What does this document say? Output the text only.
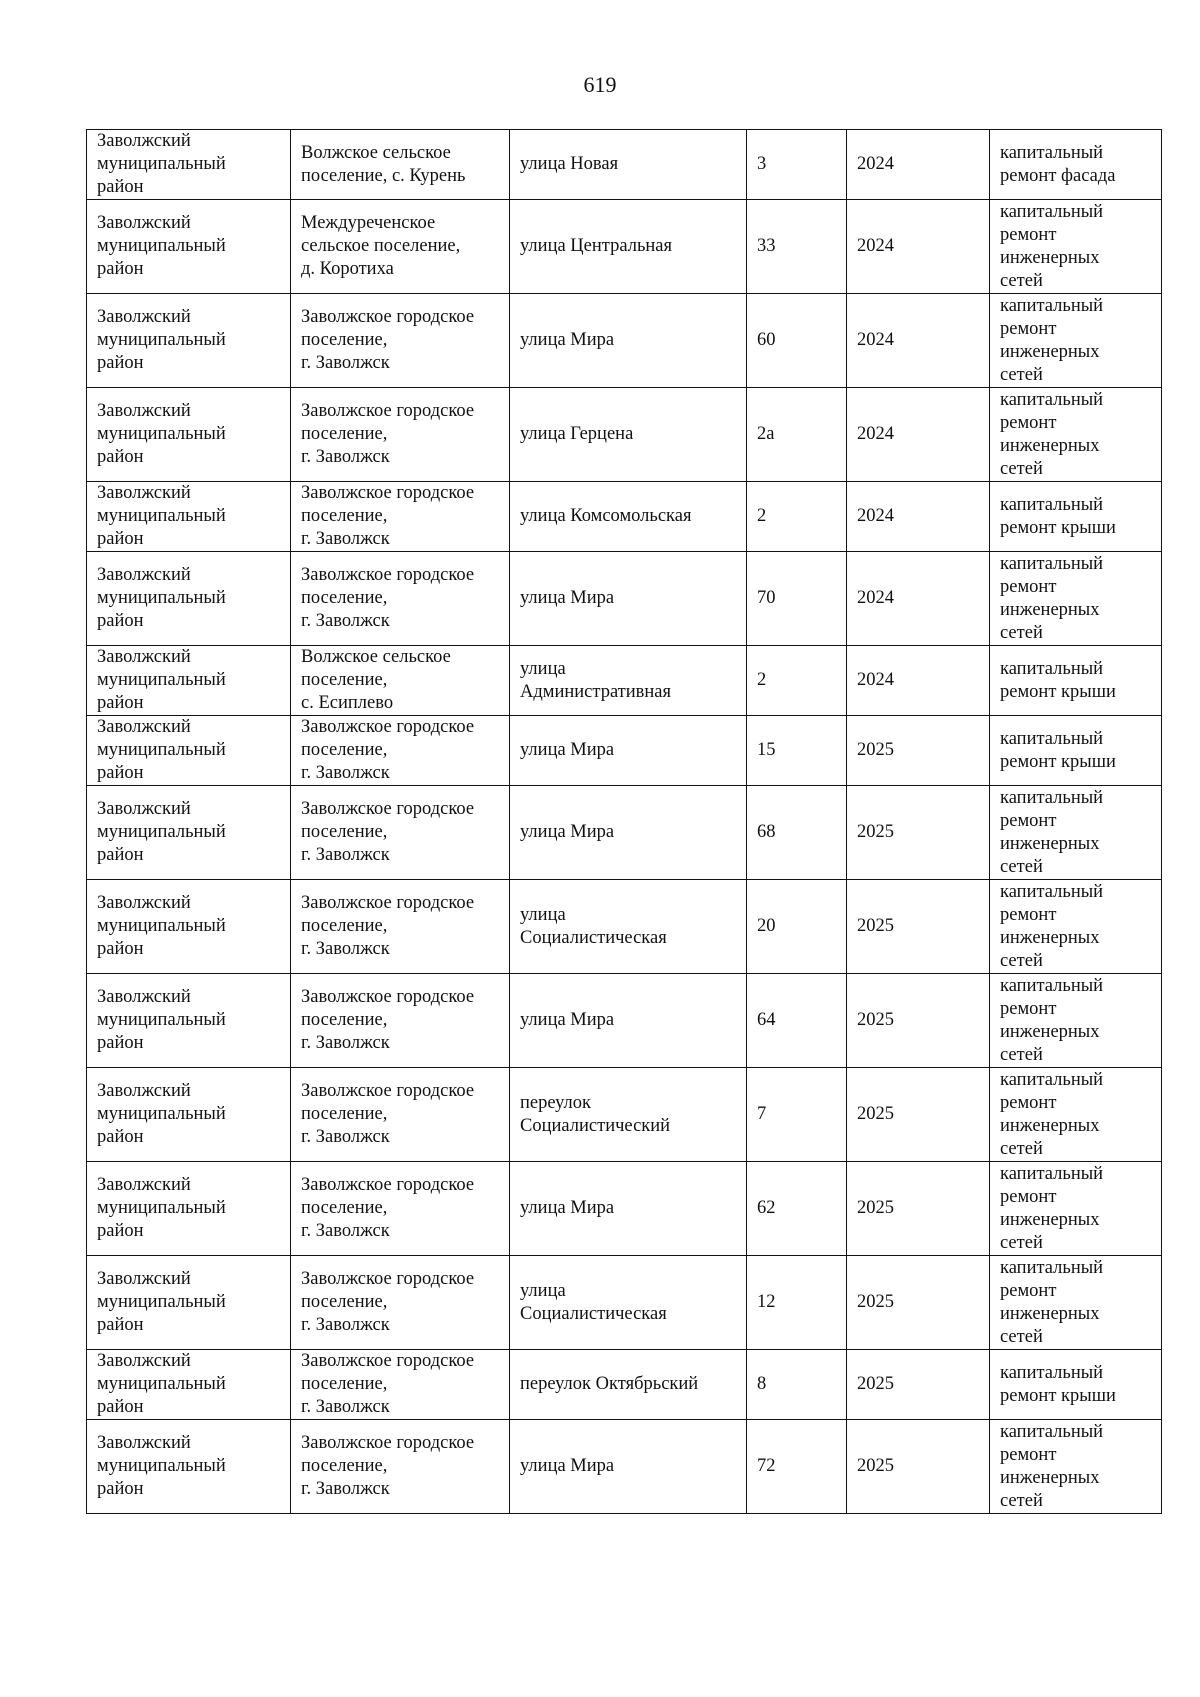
619
Заволжский
муниципальный
район	Волжское сельское
поселение, с. Курень	улица Новая	3	2024	капитальный
ремонт фасада

Заволжский
муниципальный
район	Междуреченское
сельское поселение,
д. Коротиха	улица Центральная	33	2024	капитальный
ремонт
инженерных
сетей

Заволжский
муниципальный
район	Заволжское городское
поселение,
г. Заволжск	улица Мира	60	2024	капитальный
ремонт
инженерных
сетей

Заволжский
муниципальный
район	Заволжское городское
поселение,
г. Заволжск	улица Герцена	2а	2024	капитальный
ремонт
инженерных
сетей

Заволжский
муниципальный
район	Заволжское городское
поселение,
г. Заволжск	улица Комсомольская	2	2024	капитальный
ремонт крыши

Заволжский
муниципальный
район	Заволжское городское
поселение,
г. Заволжск	улица Мира	70	2024	капитальный
ремонт
инженерных
сетей

Заволжский
муниципальный
район	Волжское сельское
поселение,
с. Есиплево	улица
Административная	2	2024	капитальный
ремонт крыши

Заволжский
муниципальный
район	Заволжское городское
поселение,
г. Заволжск	улица Мира	15	2025	капитальный
ремонт крыши

Заволжский
муниципальный
район	Заволжское городское
поселение,
г. Заволжск	улица Мира	68	2025	капитальный
ремонт
инженерных
сетей

Заволжский
муниципальный
район	Заволжское городское
поселение,
г. Заволжск	улица
Социалистическая	20	2025	капитальный
ремонт
инженерных
сетей

Заволжский
муниципальный
район	Заволжское городское
поселение,
г. Заволжск	улица Мира	64	2025	капитальный
ремонт
инженерных
сетей

Заволжский
муниципальный
район	Заволжское городское
поселение,
г. Заволжск	переулок
Социалистический	7	2025	капитальный
ремонт
инженерных
сетей

Заволжский
муниципальный
район	Заволжское городское
поселение,
г. Заволжск	улица Мира	62	2025	капитальный
ремонт
инженерных
сетей

Заволжский
муниципальный
район	Заволжское городское
поселение,
г. Заволжск	улица
Социалистическая	12	2025	капитальный
ремонт
инженерных
сетей

Заволжский
муниципальный
район	Заволжское городское
поселение,
г. Заволжск	переулок Октябрьский	8	2025	капитальный
ремонт крыши

Заволжский
муниципальный
район	Заволжское городское
поселение,
г. Заволжск	улица Мира	72	2025	капитальный
ремонт
инженерных
сетей
